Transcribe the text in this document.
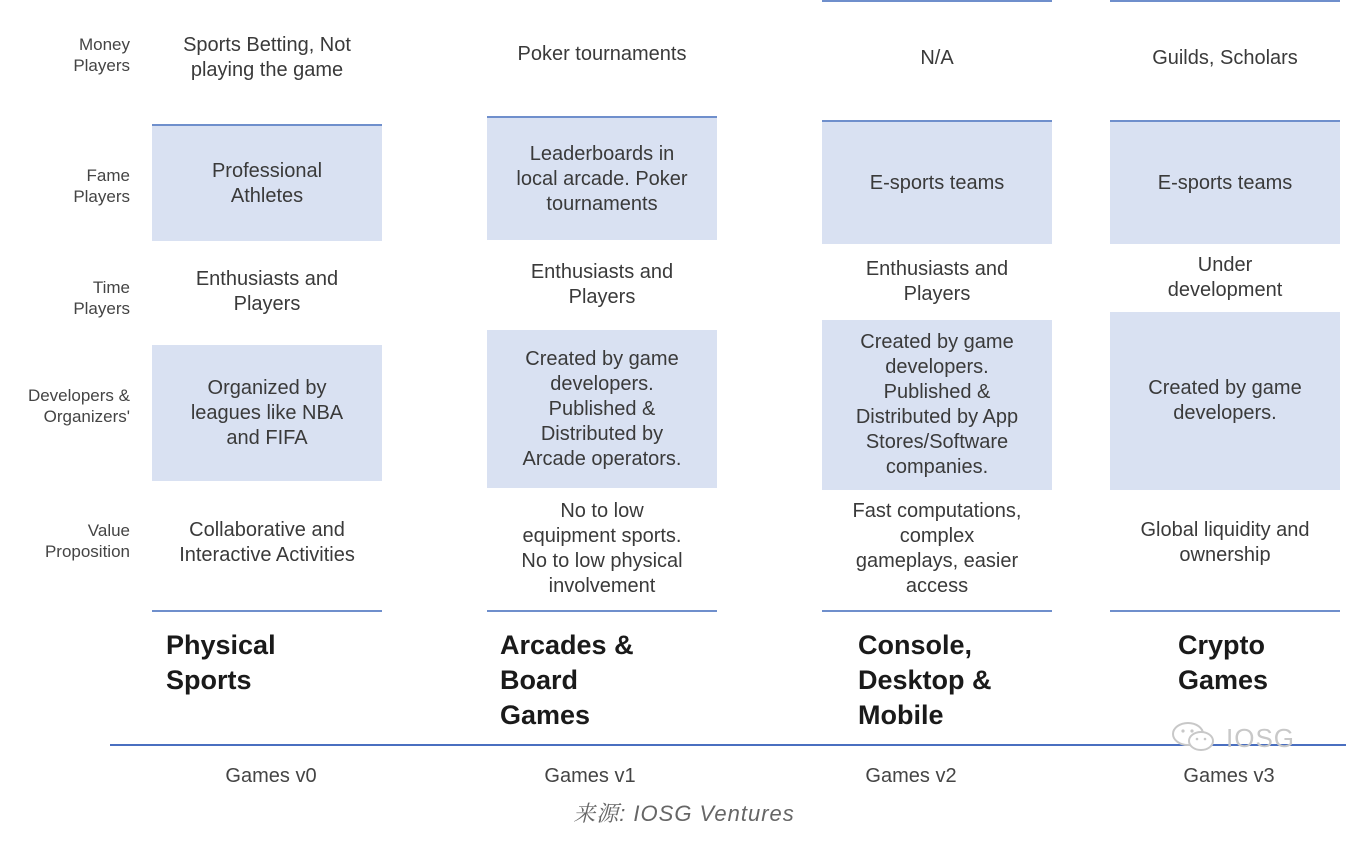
Money
Players
Fame
Players
Time
Players
Developers &
Organizers'
Value
Proposition
Sports Betting, Not
playing the game
Professional
Athletes
Enthusiasts and
Players
Organized by
leagues like NBA
and FIFA
Collaborative and
Interactive Activities
Physical
Sports
Games v0
Poker tournaments
Leaderboards in
local arcade. Poker
tournaments
Enthusiasts and
Players
Created by game
developers.
Published &
Distributed by
Arcade operators.
No to low
equipment sports.
No to low physical
involvement
Arcades &
Board
Games
Games v1
N/A
E-sports teams
Enthusiasts and
Players
Created by game
developers.
Published &
Distributed by App
Stores/Software
companies.
Fast computations,
complex
gameplays, easier
access
Console,
Desktop &
Mobile
Games v2
Guilds, Scholars
E-sports teams
Under
development
Created by game
developers.
Global liquidity and
ownership
Crypto
Games
Games v3
IOSG
来源: IOSG Ventures
